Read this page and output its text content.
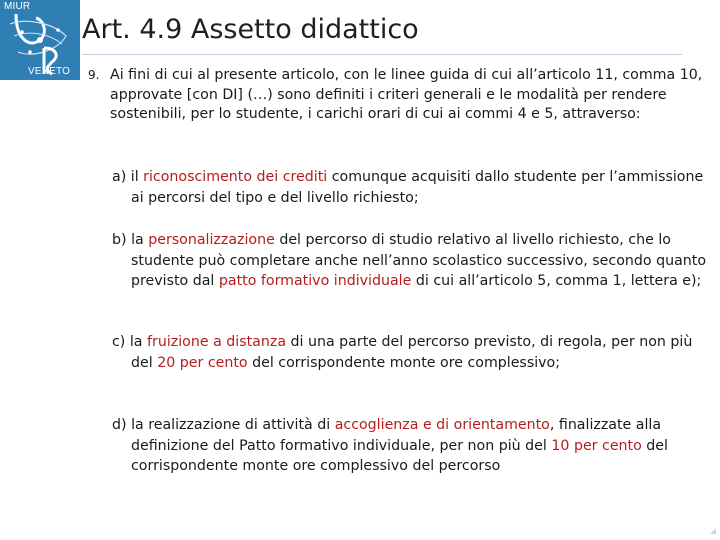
MIUR
VENETO
Art. 4.9 Assetto didattico
9. Ai fini di cui al presente articolo, con le linee guida di cui all’articolo 11, comma 10, approvate [con DI] (…) sono definiti i criteri generali e le modalità per rendere sostenibili, per lo studente, i carichi orari di cui ai commi 4 e 5, attraverso:
a) il riconoscimento dei crediti comunque acquisiti dallo studente per l’ammissione ai percorsi del tipo e del livello richiesto;
b) la personalizzazione del percorso di studio relativo al livello richiesto, che lo studente può completare anche nell’anno scolastico successivo, secondo quanto previsto dal patto formativo individuale di cui all’articolo 5, comma 1, lettera e);
c) la fruizione a distanza di una parte del percorso previsto, di regola, per non più del 20 per cento del corrispondente monte ore complessivo;
d) la realizzazione di attività di accoglienza e di orientamento, finalizzate alla definizione del Patto formativo individuale, per non più del 10 per cento del corrispondente monte ore complessivo del percorso
